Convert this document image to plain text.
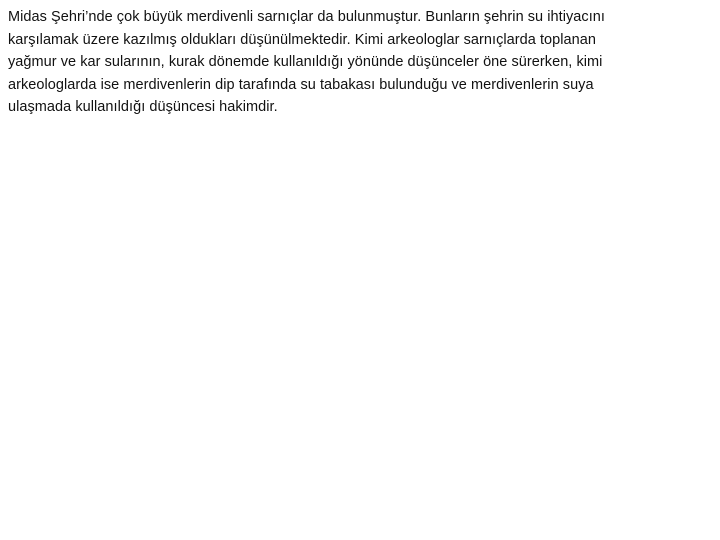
Midas Şehri’nde çok büyük merdivenli sarnıçlar da bulunmuştur. Bunların şehrin su ihtiyacını
karşılamak üzere kazılmış oldukları düşünülmektedir. Kimi arkeologlar sarnıçlarda toplanan
yağmur ve kar sularının, kurak dönemde kullanıldığı yönünde düşünceler öne sürerken, kimi
arkeologlarda ise merdivenlerin dip tarafında su tabakası bulunduğu ve merdivenlerin suya
ulaşmada kullanıldığı düşüncesi hakimdir.
